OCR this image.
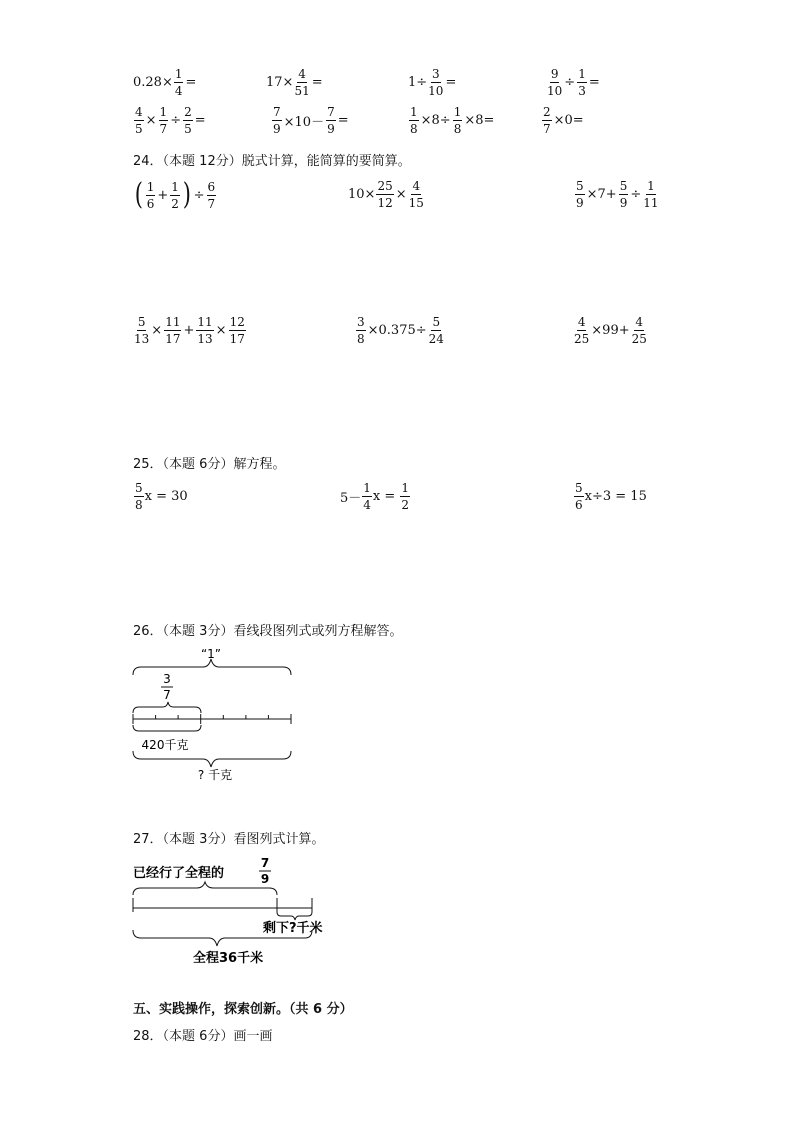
$0.28\times \frac{1}{4}$ =	$17\times \frac{4}{51}$ =	$1\div \frac{3}{10}$ =	$\frac{9}{10} \div \frac{1}{3}$ =
$\frac{4}{5} \times \frac{1}{7} \div \frac{2}{5}$ =	$\frac{7}{9} \times 10- \frac{7}{9}$ =	$\frac{1}{8} \times 8\div \frac{1}{8} \times 8=$	$\frac{2}{7} \times 0=$
24．（本题 12分）脱式计算，能简算的要简算。
( $\frac{1}{6} + \frac{1}{2}$ ) ÷ $\frac{6}{7}$	$10\times \frac{25}{12} \times \frac{4}{15}$	$\frac{5}{9} \times 7+ \frac{5}{9} \div \frac{1}{11}$
$\frac{5}{13} \times \frac{11}{17} + \frac{11}{13} \times \frac{12}{17}$	$\frac{3}{8} \times 0.375\div \frac{5}{24}$	$\frac{4}{25} \times 99+ \frac{4}{25}$
25．（本题 6分）解方程。
$\frac{5}{8}$ x = 30	$5- \frac{1}{4}$ $x = \frac{1}{2}$	$\frac{5}{6} x\div 3 = 15$
26．（本题 3分）看线段图列式或列方程解答。
“1”
3
7
420千克
? 千克
27．（本题 3分）看图列式计算。
已经行了全程的
7
9
剩下?千米
全程36千米
五、实践操作，探索创新。（共 6 分）
28．（本题 6分）画一画
